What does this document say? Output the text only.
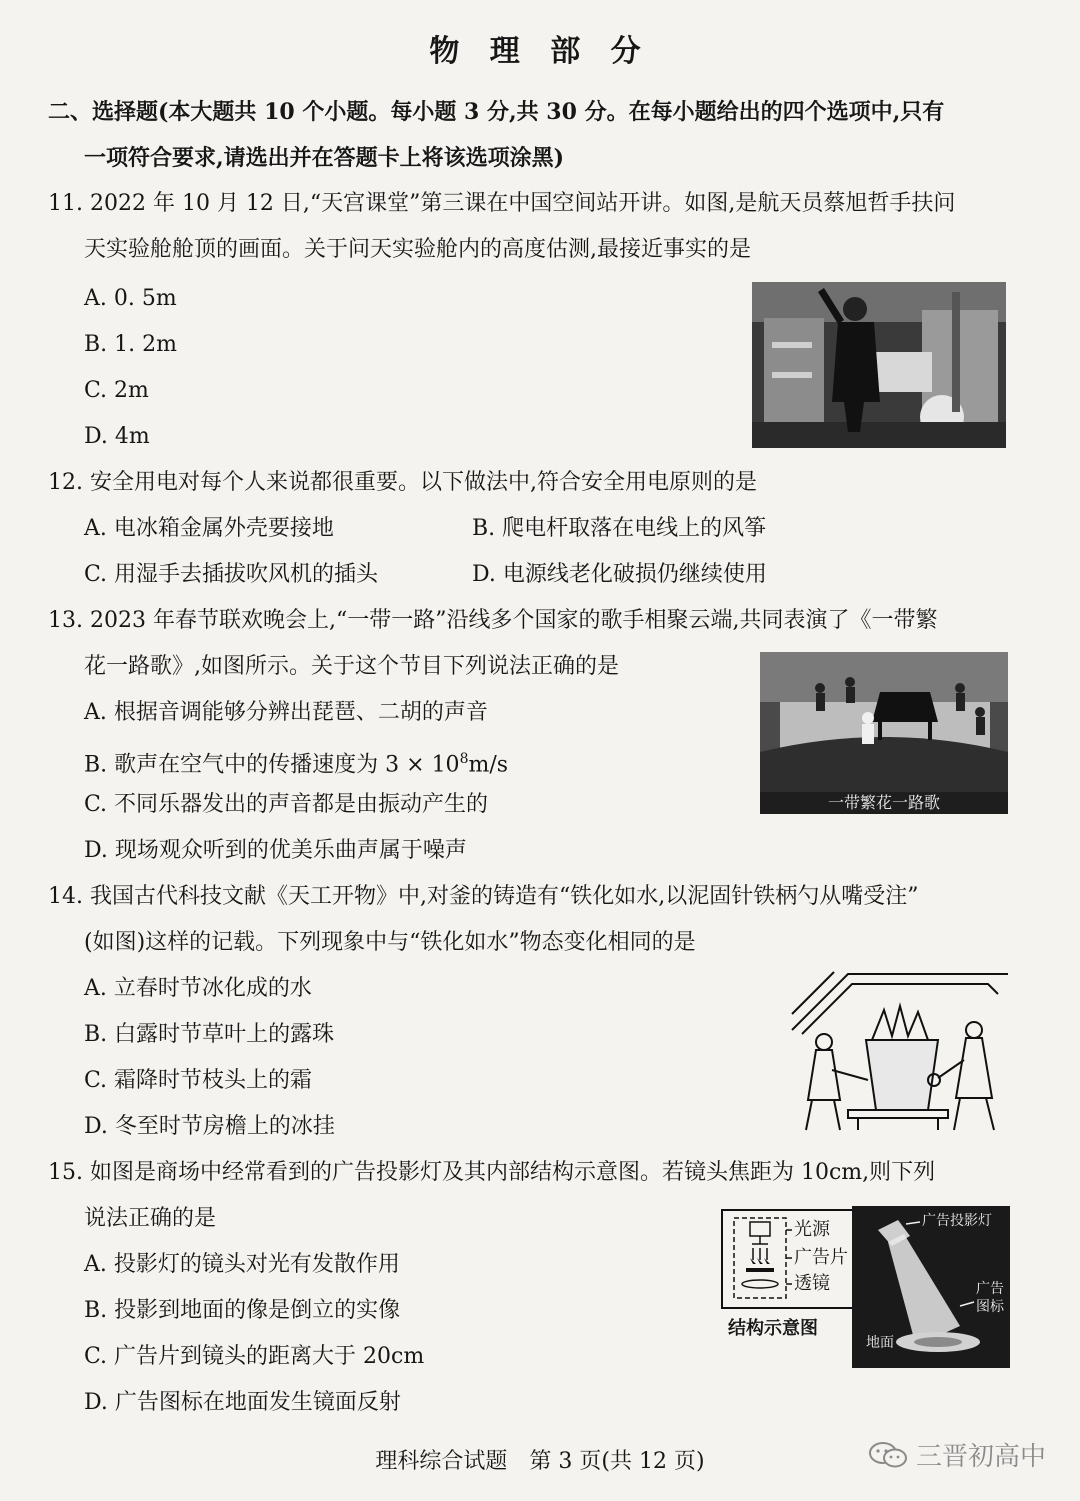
物 理 部 分
二、选择题(本大题共 10 个小题。每小题 3 分,共 30 分。在每小题给出的四个选项中,只有
一项符合要求,请选出并在答题卡上将该选项涂黑)
11. 2022 年 10 月 12 日,“天宫课堂”第三课在中国空间站开讲。如图,是航天员蔡旭哲手扶问
天实验舱舱顶的画面。关于问天实验舱内的高度估测,最接近事实的是
A. 0. 5m
B. 1. 2m
C. 2m
D. 4m
12. 安全用电对每个人来说都很重要。以下做法中,符合安全用电原则的是
A. 电冰箱金属外壳要接地	B. 爬电杆取落在电线上的风筝
C. 用湿手去插拔吹风机的插头	D. 电源线老化破损仍继续使用
13. 2023 年春节联欢晚会上,“一带一路”沿线多个国家的歌手相聚云端,共同表演了《一带繁
花一路歌》,如图所示。关于这个节目下列说法正确的是
A. 根据音调能够分辨出琵琶、二胡的声音
B. 歌声在空气中的传播速度为 $3 \times 10^8m/s$
C. 不同乐器发出的声音都是由振动产生的
D. 现场观众听到的优美乐曲声属于噪声
一带繁花一路歌
14. 我国古代科技文献《天工开物》中,对釜的铸造有“铁化如水,以泥固针铁柄勺从嘴受注”
(如图)这样的记载。下列现象中与“铁化如水”物态变化相同的是
A. 立春时节冰化成的水
B. 白露时节草叶上的露珠
C. 霜降时节枝头上的霜
D. 冬至时节房檐上的冰挂
15. 如图是商场中经常看到的广告投影灯及其内部结构示意图。若镜头焦距为 10cm,则下列
说法正确的是
A. 投影灯的镜头对光有发散作用
B. 投影到地面的像是倒立的实像
C. 广告片到镜头的距离大于 20cm
D. 广告图标在地面发生镜面反射
光源
广告片
透镜
结构示意图
广告投影灯
广告图标
地面
理科综合试题　第 3 页(共 12 页)	三晋初高中
